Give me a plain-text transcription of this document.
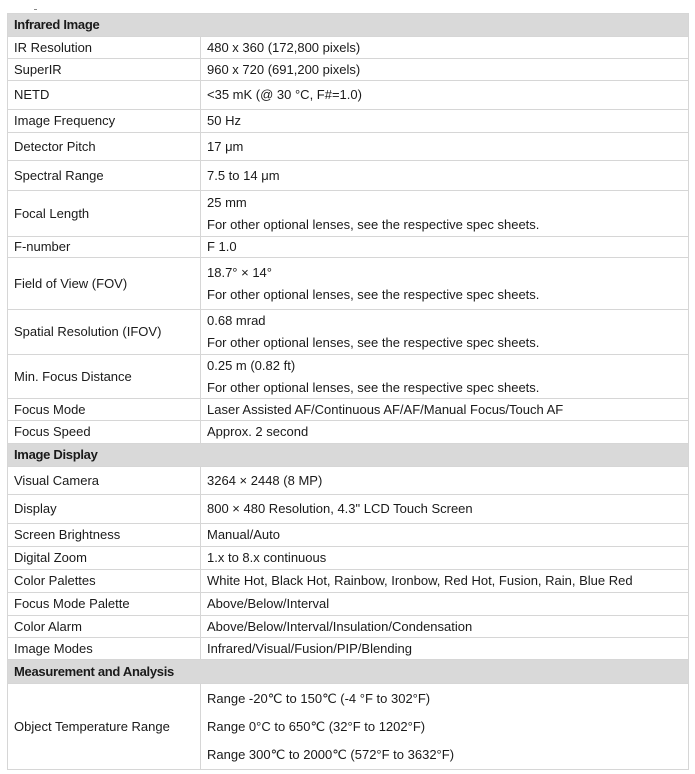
Infrared Image	
IR Resolution	480 x 360 (172,800 pixels)

SuperIR	960 x 720 (691,200 pixels)

NETD	<35 mK (@ 30 °C, F#=1.0)

Image Frequency	50 Hz

Detector Pitch	17 μm

Spectral Range	7.5 to 14 μm

Focal Length	25 mm
For other optional lenses, see the respective spec sheets.

F-number	F 1.0

Field of View (FOV)	18.7° × 14°
For other optional lenses, see the respective spec sheets.

Spatial Resolution (IFOV)	0.68 mrad
For other optional lenses, see the respective spec sheets.

Min. Focus Distance	0.25 m (0.82 ft)
For other optional lenses, see the respective spec sheets.

Focus Mode	Laser Assisted AF/Continuous AF/AF/Manual Focus/Touch AF

Focus Speed	Approx. 2 second

Image Display	
Visual Camera	3264 × 2448 (8 MP)

Display	800 × 480 Resolution, 4.3" LCD Touch Screen

Screen Brightness	Manual/Auto

Digital Zoom	1.x to 8.x continuous

Color Palettes	White Hot, Black Hot, Rainbow, Ironbow, Red Hot, Fusion, Rain, Blue Red

Focus Mode Palette	Above/Below/Interval

Color Alarm	Above/Below/Interval/Insulation/Condensation

Image Modes	Infrared/Visual/Fusion/PIP/Blending

Measurement and Analysis	
Object Temperature Range	Range -20℃ to 150℃ (-4 °F to 302°F)
Range 0°C to 650℃ (32°F to 1202°F)
Range 300℃ to 2000℃ (572°F to 3632°F)
